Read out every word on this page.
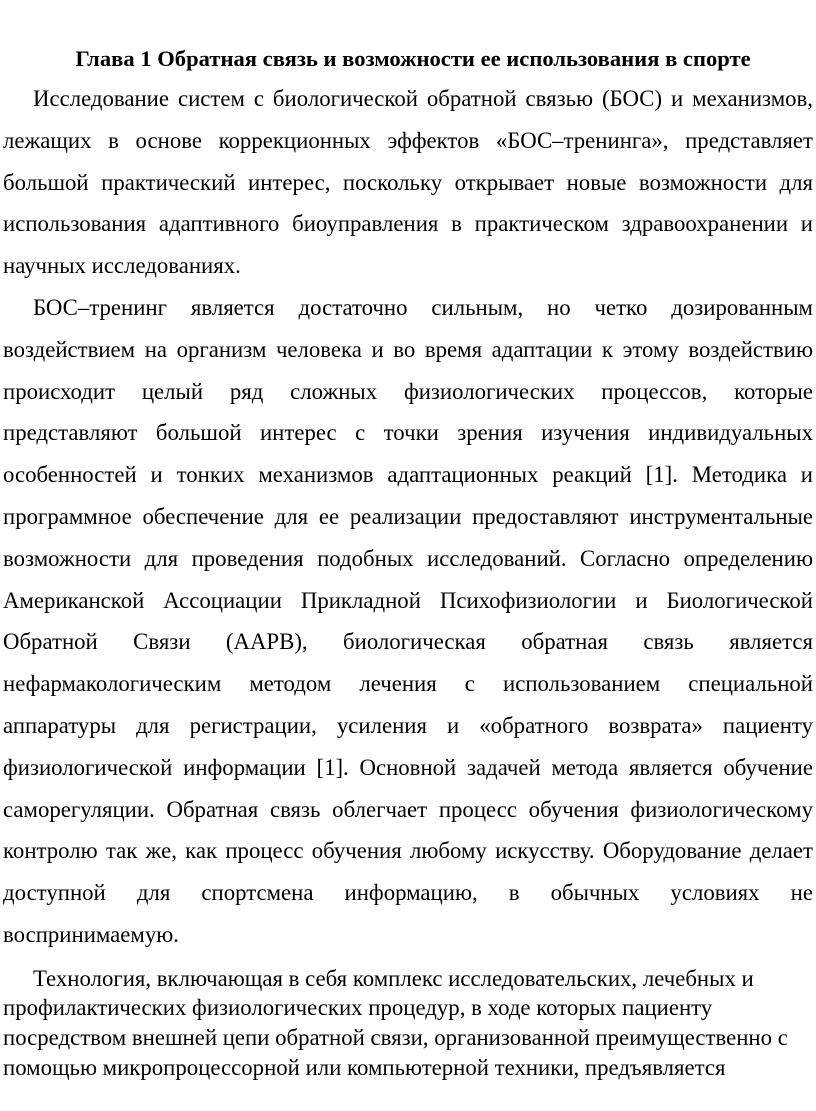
Глава 1 Обратная связь и возможности ее использования в спорте

Исследование систем с биологической обратной связью (БОС) и механизмов, лежащих в основе коррекционных эффектов «БОС–тренинга», представляет большой практический интерес, поскольку открывает новые возможности для использования адаптивного биоуправления в практическом здравоохранении и научных исследованиях.

БОС–тренинг является достаточно сильным, но четко дозированным воздействием на организм человека и во время адаптации к этому воздействию происходит целый ряд сложных физиологических процессов, которые представляют большой интерес с точки зрения изучения индивидуальных особенностей и тонких механизмов адаптационных реакций [1]. Методика и программное обеспечение для ее реализации предоставляют инструментальные возможности для проведения подобных исследований. Согласно определению Американской Ассоциации Прикладной Психофизиологии и Биологической Обратной Связи (AAPB), биологическая обратная связь является нефармакологическим методом лечения с использованием специальной аппаратуры для регистрации, усиления и «обратного возврата» пациенту физиологической информации [1]. Основной задачей метода является обучение саморегуляции. Обратная связь облегчает процесс обучения физиологическому контролю так же, как процесс обучения любому искусству. Оборудование делает доступной для спортсмена информацию, в обычных условиях не воспринимаемую.

Технология, включающая в себя комплекс исследовательских, лечебных и профилактических физиологических процедур, в ходе которых пациенту посредством внешней цепи обратной связи, организованной преимущественно с помощью микропроцессорной или компьютерной техники, предъявляется
